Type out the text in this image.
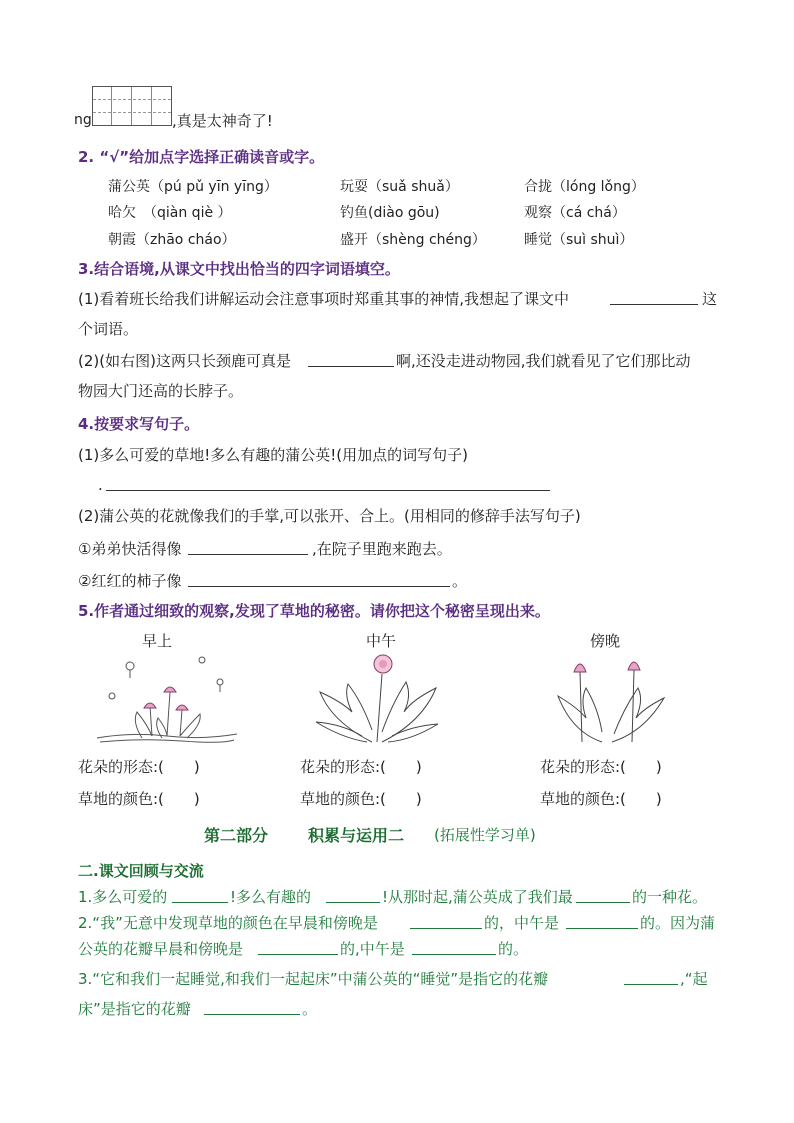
ng	,真是太神奇了!
2. “√”给加点字选择正确读音或字。
蒲公英（pú pǔ yīn yīng）	玩耍（suǎ shuǎ）	合拢（lóng lǒng）
哈欠　（qiàn qiè ）	钓鱼(diào gōu)	观察（cá chá）
朝霞（zhāo cháo）	盛开（shèng chéng）	睡觉（suì shuì）
3.结合语境,从课文中找出恰当的四字词语填空。
(1)看着班长给我们讲解运动会注意事项时郑重其事的神情,我想起了课文中	这
个词语。
(2)(如右图)这两只长颈鹿可真是	啊,还没走进动物园,我们就看见了它们那比动
物园大门还高的长脖子。
4.按要求写句子。
(1)多么可爱的草地!多么有趣的蒲公英!(用加点的词写句子)
.
(2)蒲公英的花就像我们的手掌,可以张开、合上。(用相同的修辞手法写句子)
①弟弟快活得像	,在院子里跑来跑去。
②红红的柿子像	。
5.作者通过细致的观察,发现了草地的秘密。请你把这个秘密呈现出来。
早上	中午	傍晚
花朵的形态:(　　)	花朵的形态:(　　)	花朵的形态:(　　)
草地的颜色:(　　)	草地的颜色:(　　)	草地的颜色:(　　)
第二部分 积累与运用二 (拓展性学习单)
二.课文回顾与交流
1.多么可爱的	!多么有趣的	!从那时起,蒲公英成了我们最	的一种花。
2.“我”无意中发现草地的颜色在早晨和傍晚是	的，中午是	的。因为蒲
公英的花瓣早晨和傍晚是	的,中午是	的。
3.“它和我们一起睡觉,和我们一起起床”中蒲公英的“睡觉”是指它的花瓣	,“起
床”是指它的花瓣	。
